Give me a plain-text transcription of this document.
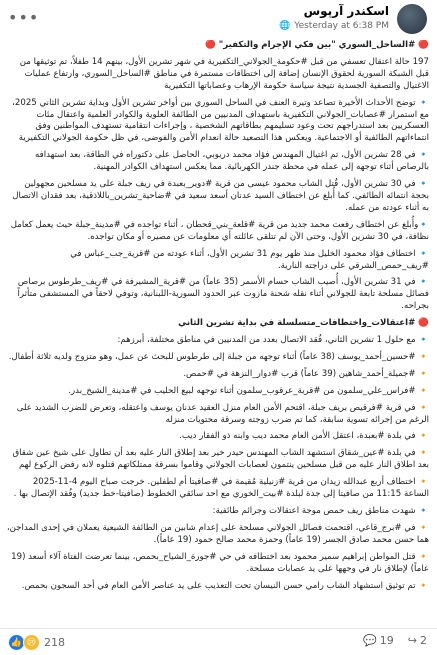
•••	اسكندر آرپوس
🌐 Yesterday at 6:38 PM

🔴 #الساحل_السوري "بين فكي الإجرام والتكفير" 🔴

197 حالة اعتقال تعسفي من قبل #حكومة_الجولاني_التكفيرية في شهر تشرين الأول، بينهم 14 طفلاً، تم توثيقها من قبل الشبكة السورية لحقوق الإنسان إضافة إلى اختطافات مستمرة في مناطق #الساحل_السوري، وارتفاع عمليات الاغتيال والتصفية الجسدية نتيجة سياسة حكومة الإرهاب وعصاباتها التكفيرية

🔹 توضح الأحداث الأخيرة تصاعد وتيرة العنف في الساحل السوري بين أواخر تشرين الأول وبداية تشرين الثاني 2025، مع استمرار #عصابات_الجولاني التكفيرية باستهداف المدنيين من الطائفة العلوية والكوادر العلمية واعتقال مئات العسكريين بعد استدراجهم تحت وعود تسليمهم بطاقاتهم الشخصية ، وإجراءات انتقامية تستهدف المواطنين وفق انتماءاتهم الطائفية أو الاجتماعية. ويعكس هذا التصعيد حالة انعدام الأمن والفوضى، في ظل حكومة الجولاني التكفيرية

🔹 في 28 تشرين الأول، تم اغتيال المهندس فؤاد محمد دريوبي، الحاصل على دكتوراه في الطاقة، بعد استهدافه بالرصاص أثناء توجهه إلى عمله في محطة جندر الكهربائية. مما يعكس استهداف الكوادر المهنية.

🔹 في 30 تشرين الأول، قُتل الشاب محمود عيسى من قرية #دوير_بعبدة في ريف جبلة على يد مسلحين مجهولين بحجة انتمائه الطائفي. كما أُبلغ عن اختطاف السيد عدنان أسعد سعيد في #ضاحية_تشرين_باللاذقية، بعد فقدان الاتصال به أثناء عودته من عمله.

🔹وأُبلغ عن اختطاف رفعت محمد جديد من قرية #قلعة_بني_قحطان ، أثناء تواجده في #مدينة_جبلة حيث يعمل كعامل نظافة، في 30 تشرين الأول، وحتى الآن لم تتلقى عائلته أي معلومات عن مصيره أو مكان تواجده.

🔹 اختطاف فؤاد محمود الخليل منذ ظهر يوم 31 تشرين الأول، أثناء عودته من #قرية_جب_عباس في #ريف_حمص_الشرقي على دراجته النارية.

🔹 في 31 تشرين الأول، أُصيب الشاب حسام الأسمر (35 عاماً) من #قرية_المشيرفة في #ريف_طرطوس برصاص فصائل مسلحة تابعة للجولاني أثناء نقله شحنة مازوت عبر الحدود السورية-اللبنانية، وتوفي لاحقاً في المستشفى متأثراً بجراحه.

🔴 #اعتقالات_واختطافات_متسلسلة في بداية تشرين الثاني

🔹 مع حلول 1 تشرين الثاني، فُقد الاتصال بعدد من المدنيين في مناطق مختلفة، أبرزهم:

🔸 #حسين_أحمد_يوسف (38 عاماً) أثناء توجهه من جبلة إلى طرطوس للبحث عن عمل، وهو متزوج ولديه ثلاثة أطفال.

🔸 #جميلة_أحمد_شاهين (39 عاماً) قرب #دوار_النزهة في #حمص.

🔸 #فراس_علي_سلمون من #قرية_عرقوب_سلمون أثناء توجهه لبيع الحليب في #مدينة_الشيخ_بدر.

🔸 في قرية #فرقيص بريف جبلة، اقتحم الأمن العام منزل العقيد عدنان يوسف واعتقله، وتعرض للضرب الشديد على الرغم من إجرائه تسوية سابقة، كما تم ضرب زوجته وسرقة محتويات منزله

🔸 في بلدة #بعبدة، اعتقل الأمن العام محمد ديب وابنه ذو الفقار ديب.

🔸 في بلدة #عين_شقاق استشهد الشاب المهندس حيدر خير بعد إطلاق النار عليه بعد أن تطاول على شيخ عين شقاق بعد اطلاق النار عليه من قبل مسلحين ينتمون لعصابات الجولاني وقاموا بسرقة ممتلكاتهم قتلوه لانه رفض الركوع لهم

🔸 اختطاف أربع عبدالله زيدان من قرية #زنيلية مُقيمة في #صافيتا أم لطفلين. خرجت صباح اليوم 4-11-2025 الساعة 11:15 من صافيتا إلى جدة لبلدة #بيت_الخوري مع احد سائقي الخطوط (صافيتا-خط جديد) وفُقد الإتصال بها .

🔹 شهدت مناطق ريف حمص موجة اعتقالات وجرائم طائفية:

🔸 في #برج_قاعي، اقتحمت فصائل الجولاني مسلحة على إعدام شابين من الطائفة الشيعية يعملان في إحدى المداجن، هما حسن محمد صادق الجسر (19 عاماً) وحمزة محمد صالح حمود (19 عاماً).

🔸 قتل المواطن إبراهيم سمير محمود بعد اختطافه في حي #جورة_الشياح_بحمص، بينما تعرضت الفتاة آلاء أسعد (19 عاماً) لإطلاق نار في وجهها على يد عصابات مسلحة.

🔸 تم توثيق استشهاد الشاب رامي حسن النيسان تحت التعذيب على يد عناصر الأمن العام في أحد السجون بحمص.

👍 😢 218	💬 19 ↪ 2
